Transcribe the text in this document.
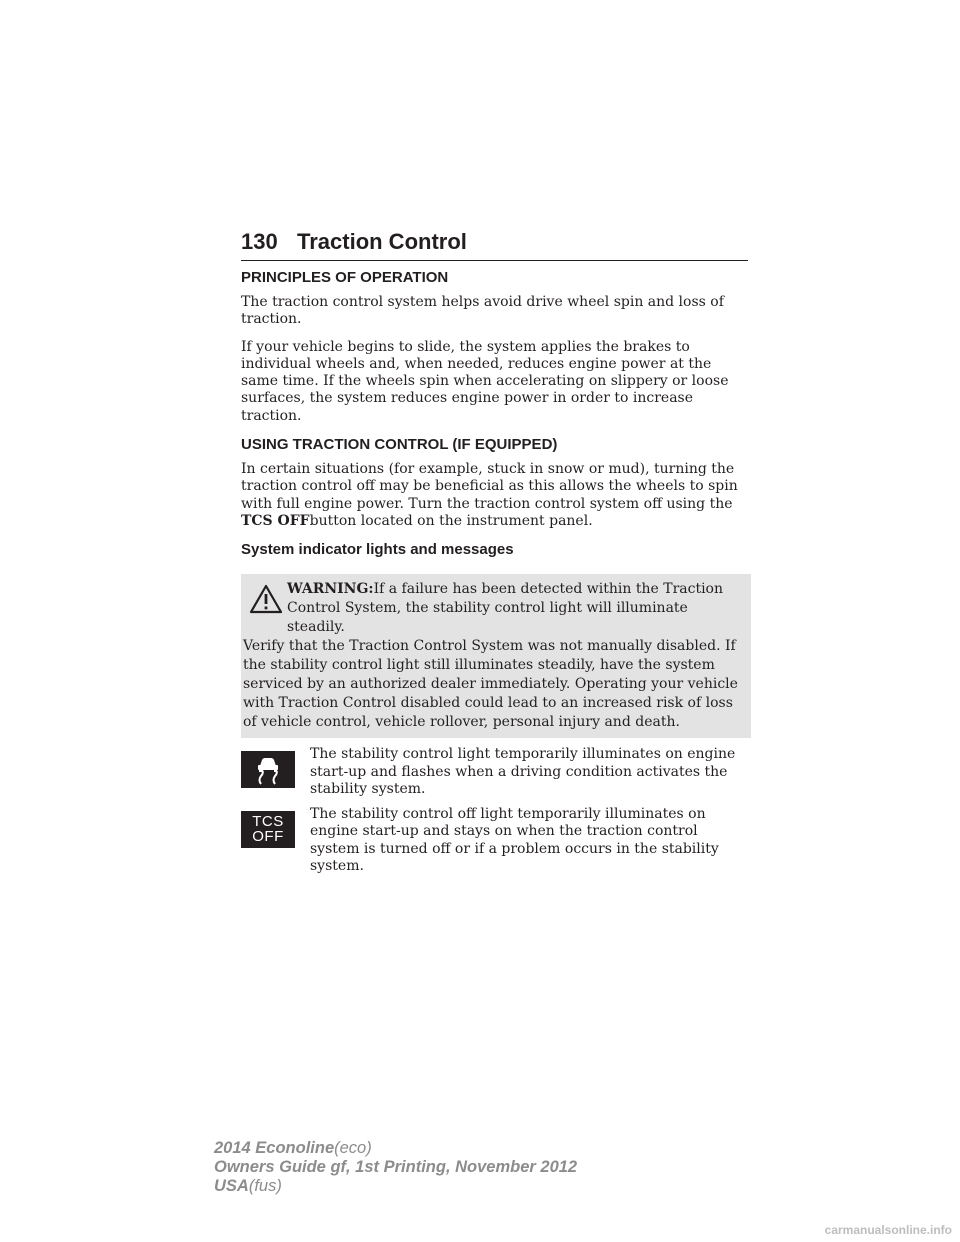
130 Traction Control
PRINCIPLES OF OPERATION

The traction control system helps avoid drive wheel spin and loss of traction.

If your vehicle begins to slide, the system applies the brakes to individual wheels and, when needed, reduces engine power at the same time. If the wheels spin when accelerating on slippery or loose surfaces, the system reduces engine power in order to increase traction.

USING TRACTION CONTROL (IF EQUIPPED)

In certain situations (for example, stuck in snow or mud), turning the traction control off may be beneficial as this allows the wheels to spin with full engine power. Turn the traction control system off using the TCS OFFbutton located on the instrument panel.

System indicator lights and messages
WARNING:If a failure has been detected within the Traction Control System, the stability control light will illuminate steadily.
Verify that the Traction Control System was not manually disabled. If the stability control light still illuminates steadily, have the system serviced by an authorized dealer immediately. Operating your vehicle with Traction Control disabled could lead to an increased risk of loss of vehicle control, vehicle rollover, personal injury and death.

The stability control light temporarily illuminates on engine start-up and flashes when a driving condition activates the stability system.

TCS
OFF

The stability control off light temporarily illuminates on engine start-up and stays on when the traction control system is turned off or if a problem occurs in the stability system.

2014 Econoline(eco)
Owners Guide gf, 1st Printing, November 2012
USA(fus)
carmanualsonline.info
